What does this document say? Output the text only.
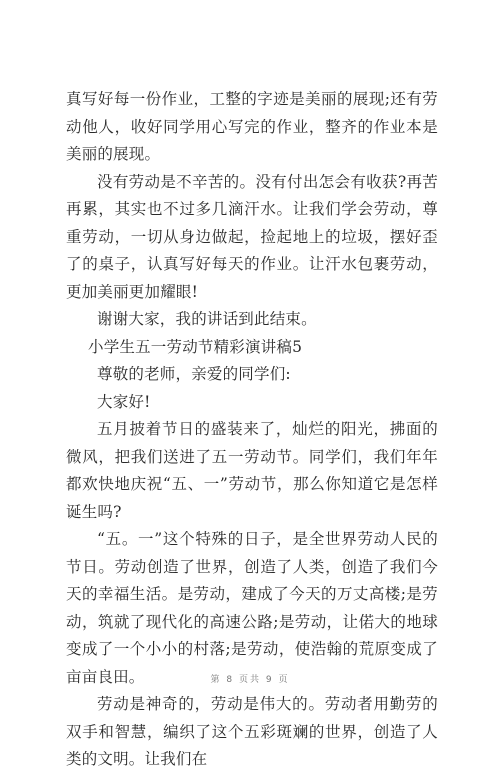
真写好每一份作业，工整的字迹是美丽的展现;还有劳动他人，收好同学用心写完的作业，整齐的作业本是美丽的展现。

没有劳动是不辛苦的。没有付出怎会有收获?再苦再累，其实也不过多几滴汗水。让我们学会劳动，尊重劳动，一切从身边做起，捡起地上的垃圾，摆好歪了的桌子，认真写好每天的作业。让汗水包裹劳动，更加美丽更加耀眼!

谢谢大家，我的讲话到此结束。

小学生五一劳动节精彩演讲稿5

尊敬的老师，亲爱的同学们:

大家好!

五月披着节日的盛装来了，灿烂的阳光，拂面的微风，把我们送进了五一劳动节。同学们，我们年年都欢快地庆祝“五、一”劳动节，那么你知道它是怎样诞生吗?

“五。一”这个特殊的日子，是全世界劳动人民的节日。劳动创造了世界，创造了人类，创造了我们今天的幸福生活。是劳动，建成了今天的万丈高楼;是劳动，筑就了现代化的高速公路;是劳动，让偌大的地球变成了一个小小的村落;是劳动，使浩翰的荒原变成了亩亩良田。

劳动是神奇的，劳动是伟大的。劳动者用勤劳的双手和智慧，编织了这个五彩斑斓的世界，创造了人类的文明。让我们在

第 8 页共 9 页
